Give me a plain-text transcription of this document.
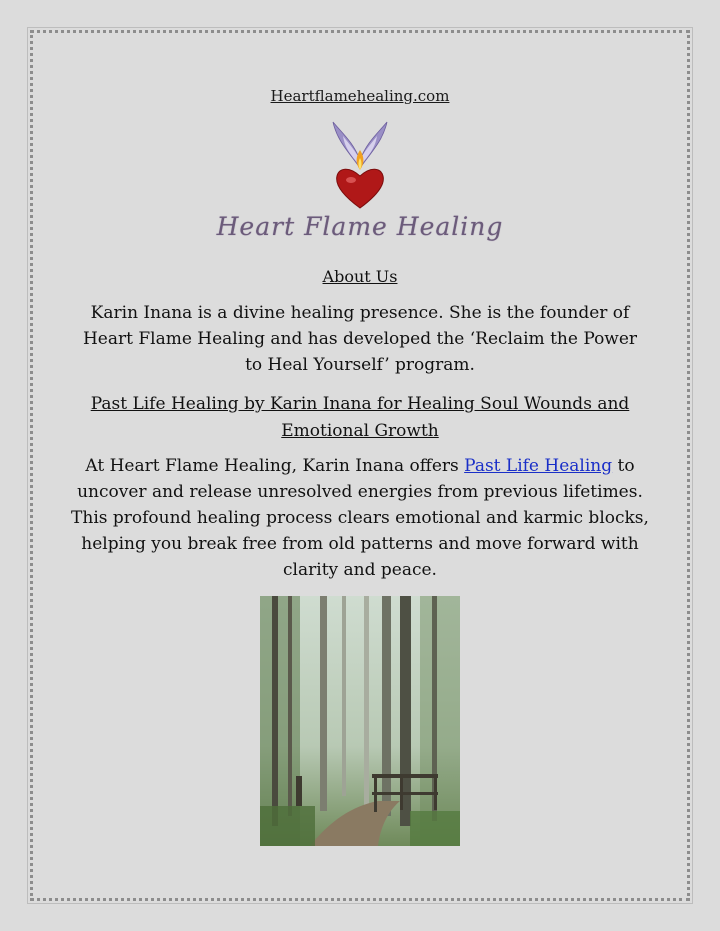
Heartflamehealing.com
Heart Flame Healing
About Us
Karin Inana is a divine healing presence. She is the founder of Heart Flame Healing and has developed the ‘Reclaim the Power to Heal Yourself’ program.
Past Life Healing by Karin Inana for Healing Soul Wounds and Emotional Growth
At Heart Flame Healing, Karin Inana offers Past Life Healing to uncover and release unresolved energies from previous lifetimes. This profound healing process clears emotional and karmic blocks, helping you break free from old patterns and move forward with clarity and peace.
